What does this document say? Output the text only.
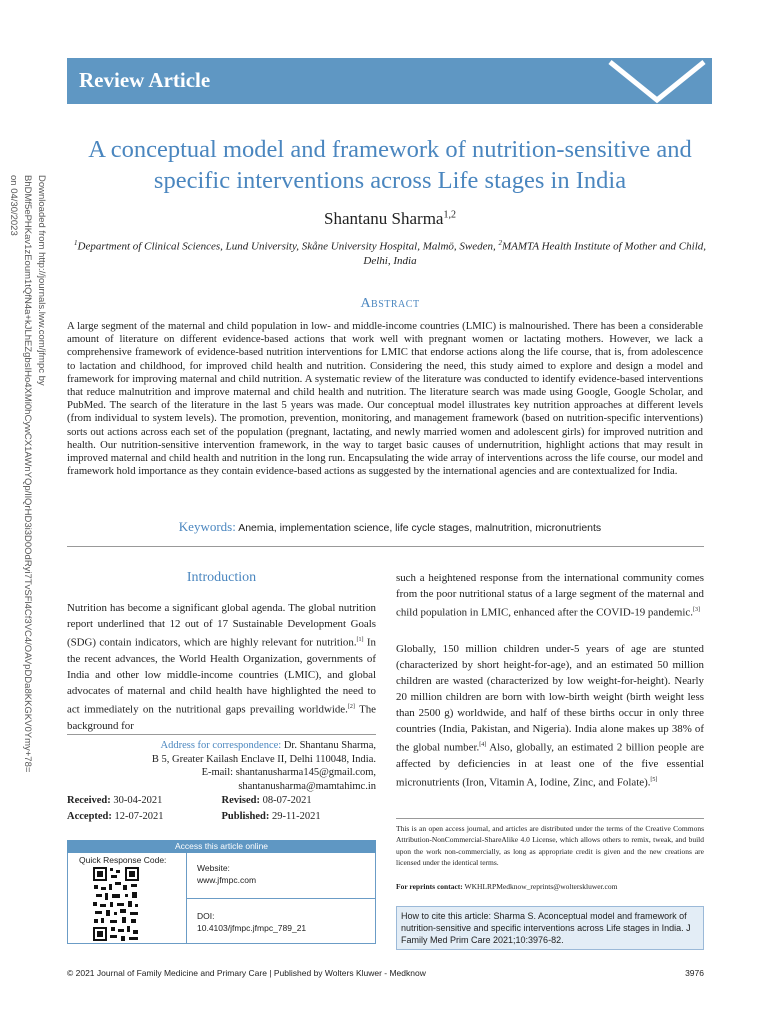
Review Article
Downloaded from http://journals.lww.com/jfmpc by BhDMf5ePHKav1zEoum1tQfN4a+kJLhEZgbsIHo4XMi0hCywCX1AWnYQp/IlQrHD3i3D0OdRyi7TvSFl4Cf3VC4/OAVpDDa8KKGKV0Ymy+78= on 04/30/2023
A conceptual model and framework of nutrition-sensitive and specific interventions across Life stages in India
Shantanu Sharma$^{1,2}$
$^1$Department of Clinical Sciences, Lund University, Skåne University Hospital, Malmö, Sweden, $^2$MAMTA Health Institute of Mother and Child, Delhi, India
Abstract
A large segment of the maternal and child population in low- and middle-income countries (LMIC) is malnourished. There has been a considerable amount of literature on different evidence-based actions that work well with pregnant women or lactating mothers. However, we lack a comprehensive framework of evidence-based nutrition interventions for LMIC that endorse actions along the life course, that is, from adolescence to lactation and childhood, for improved child health and nutrition. Considering the need, this study aimed to explore and design a model and framework for improving maternal and child nutrition. A systematic review of the literature was conducted to identify evidence-based interventions that reduce malnutrition and improve maternal and child health and nutrition. The literature search was made using Google, Google Scholar, and PubMed. The search of the literature in the last 5 years was made. Our conceptual model illustrates key nutrition approaches at different levels (from individual to system levels). The promotion, prevention, monitoring, and management framework (based on nutrition-specific interventions) sorts out actions across each set of the population (pregnant, lactating, and newly married women and adolescent girls) for improved nutrition and health. Our nutrition-sensitive intervention framework, in the way to target basic causes of undernutrition, highlight actions that may result in improved maternal and child health and nutrition in the long run. Encapsulating the wide array of interventions across the life course, our model and framework hold importance as they contain evidence-based actions as suggested by the international agencies and are contextualized for India.
Keywords: Anemia, implementation science, life cycle stages, malnutrition, micronutrients
Introduction
Nutrition has become a significant global agenda. The global nutrition report underlined that 12 out of 17 Sustainable Development Goals (SDG) contain indicators, which are highly relevant for nutrition.[1] In the recent advances, the World Health Organization, governments of India and other low middle-income countries (LMIC), and global advocates of maternal and child health have highlighted the need to act immediately on the nutritional gaps prevailing worldwide.[2] The background for
such a heightened response from the international community comes from the poor nutritional status of a large segment of the maternal and child population in LMIC, enhanced after the COVID-19 pandemic.[3]
Globally, 150 million children under-5 years of age are stunted (characterized by short height-for-age), and an estimated 50 million children are wasted (characterized by low weight-for-height). Nearly 20 million children are born with low-birth weight (birth weight less than 2500 g) worldwide, and half of these births occur in only three countries (India, Pakistan, and Nigeria). India alone makes up 38% of the global number.[4] Also, globally, an estimated 2 billion people are affected by deficiencies in at least one of the five essential micronutrients (Iron, Vitamin A, Iodine, Zinc, and Folate).[5]
Address for correspondence: Dr. Shantanu Sharma,
B 5, Greater Kailash Enclave II, Delhi 110048, India.
E-mail: shantanusharma145@gmail.com,
shantanusharma@mamtahimc.in
Received: 30-04-2021	Revised: 08-07-2021
Accepted: 12-07-2021	Published: 29-11-2021
Access this article online
Quick Response Code:
Website:
www.jfmpc.com
DOI:
10.4103/jfmpc.jfmpc_789_21
This is an open access journal, and articles are distributed under the terms of the Creative Commons Attribution-NonCommercial-ShareAlike 4.0 License, which allows others to remix, tweak, and build upon the work non-commercially, as long as appropriate credit is given and the new creations are licensed under the identical terms.
For reprints contact: WKHLRPMedknow_reprints@wolterskluwer.com
How to cite this article: Sharma S. Aconceptual model and framework of nutrition-sensitive and specific interventions across Life stages in India. J Family Med Prim Care 2021;10:3976-82.
© 2021 Journal of Family Medicine and Primary Care | Published by Wolters Kluwer - Medknow	3976
